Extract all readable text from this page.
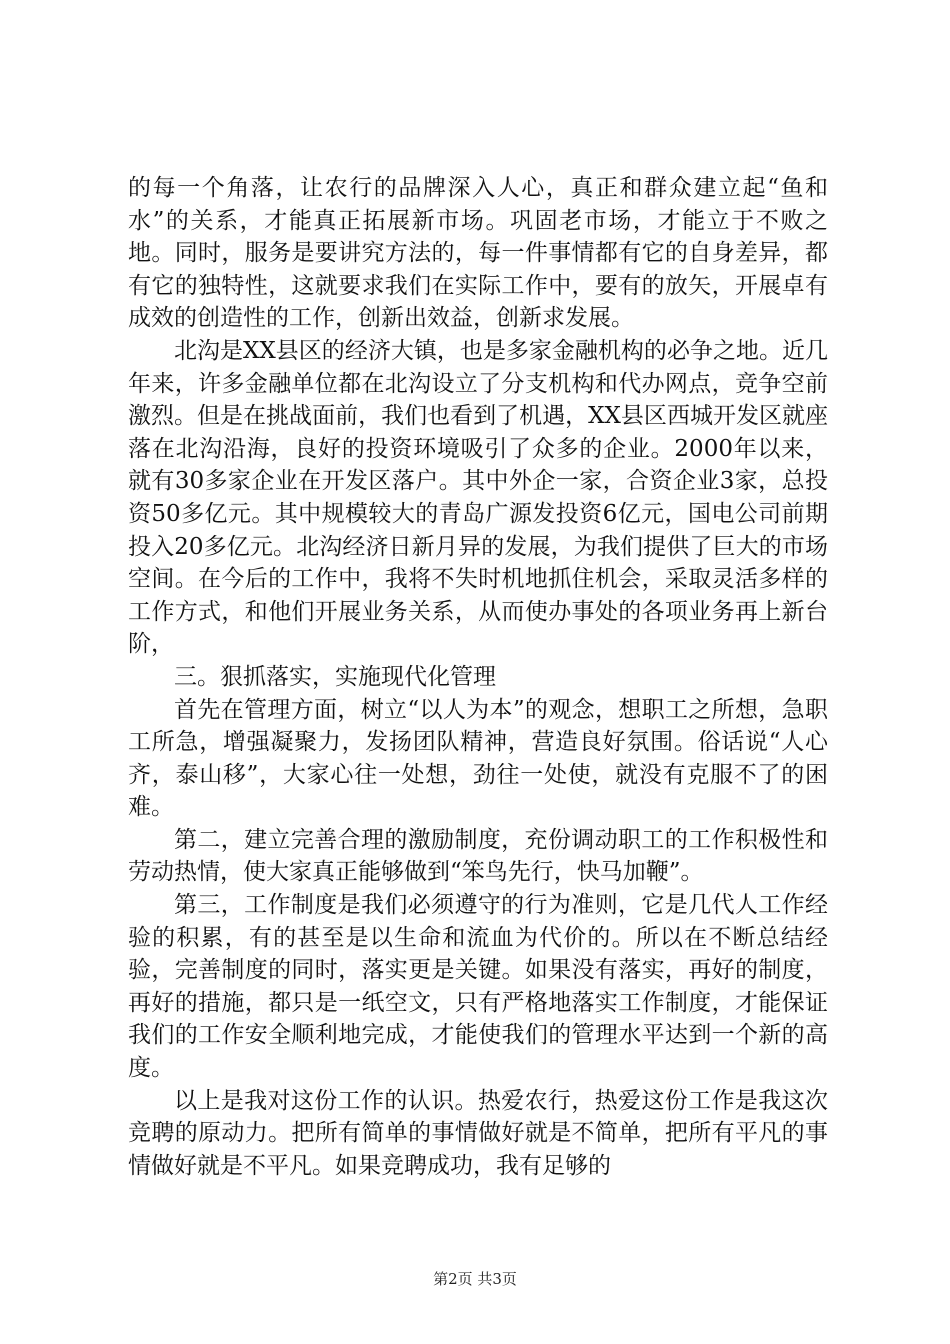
的每一个角落，让农行的品牌深入人心，真正和群众建立起“鱼和水”的关系，才能真正拓展新市场。巩固老市场，才能立于不败之地。同时，服务是要讲究方法的，每一件事情都有它的自身差异，都有它的独特性，这就要求我们在实际工作中，要有的放矢，开展卓有成效的创造性的工作，创新出效益，创新求发展。

北沟是XX县区的经济大镇，也是多家金融机构的必争之地。近几年来，许多金融单位都在北沟设立了分支机构和代办网点，竞争空前激烈。但是在挑战面前，我们也看到了机遇，XX县区西城开发区就座落在北沟沿海，良好的投资环境吸引了众多的企业。2000年以来，就有30多家企业在开发区落户。其中外企一家，合资企业3家，总投资50多亿元。其中规模较大的青岛广源发投资6亿元，国电公司前期投入20多亿元。北沟经济日新月异的发展，为我们提供了巨大的市场空间。在今后的工作中，我将不失时机地抓住机会，采取灵活多样的工作方式，和他们开展业务关系，从而使办事处的各项业务再上新台阶，

三。狠抓落实，实施现代化管理

首先在管理方面，树立“以人为本”的观念，想职工之所想，急职工所急，增强凝聚力，发扬团队精神，营造良好氛围。俗话说“人心齐，泰山移”，大家心往一处想，劲往一处使，就没有克服不了的困难。

第二，建立完善合理的激励制度，充份调动职工的工作积极性和劳动热情，使大家真正能够做到“笨鸟先行，快马加鞭”。

第三，工作制度是我们必须遵守的行为准则，它是几代人工作经验的积累，有的甚至是以生命和流血为代价的。所以在不断总结经验，完善制度的同时，落实更是关键。如果没有落实，再好的制度，再好的措施，都只是一纸空文，只有严格地落实工作制度，才能保证我们的工作安全顺利地完成，才能使我们的管理水平达到一个新的高度。

以上是我对这份工作的认识。热爱农行，热爱这份工作是我这次竞聘的原动力。把所有简单的事情做好就是不简单，把所有平凡的事情做好就是不平凡。如果竞聘成功，我有足够的

第2页 共3页
